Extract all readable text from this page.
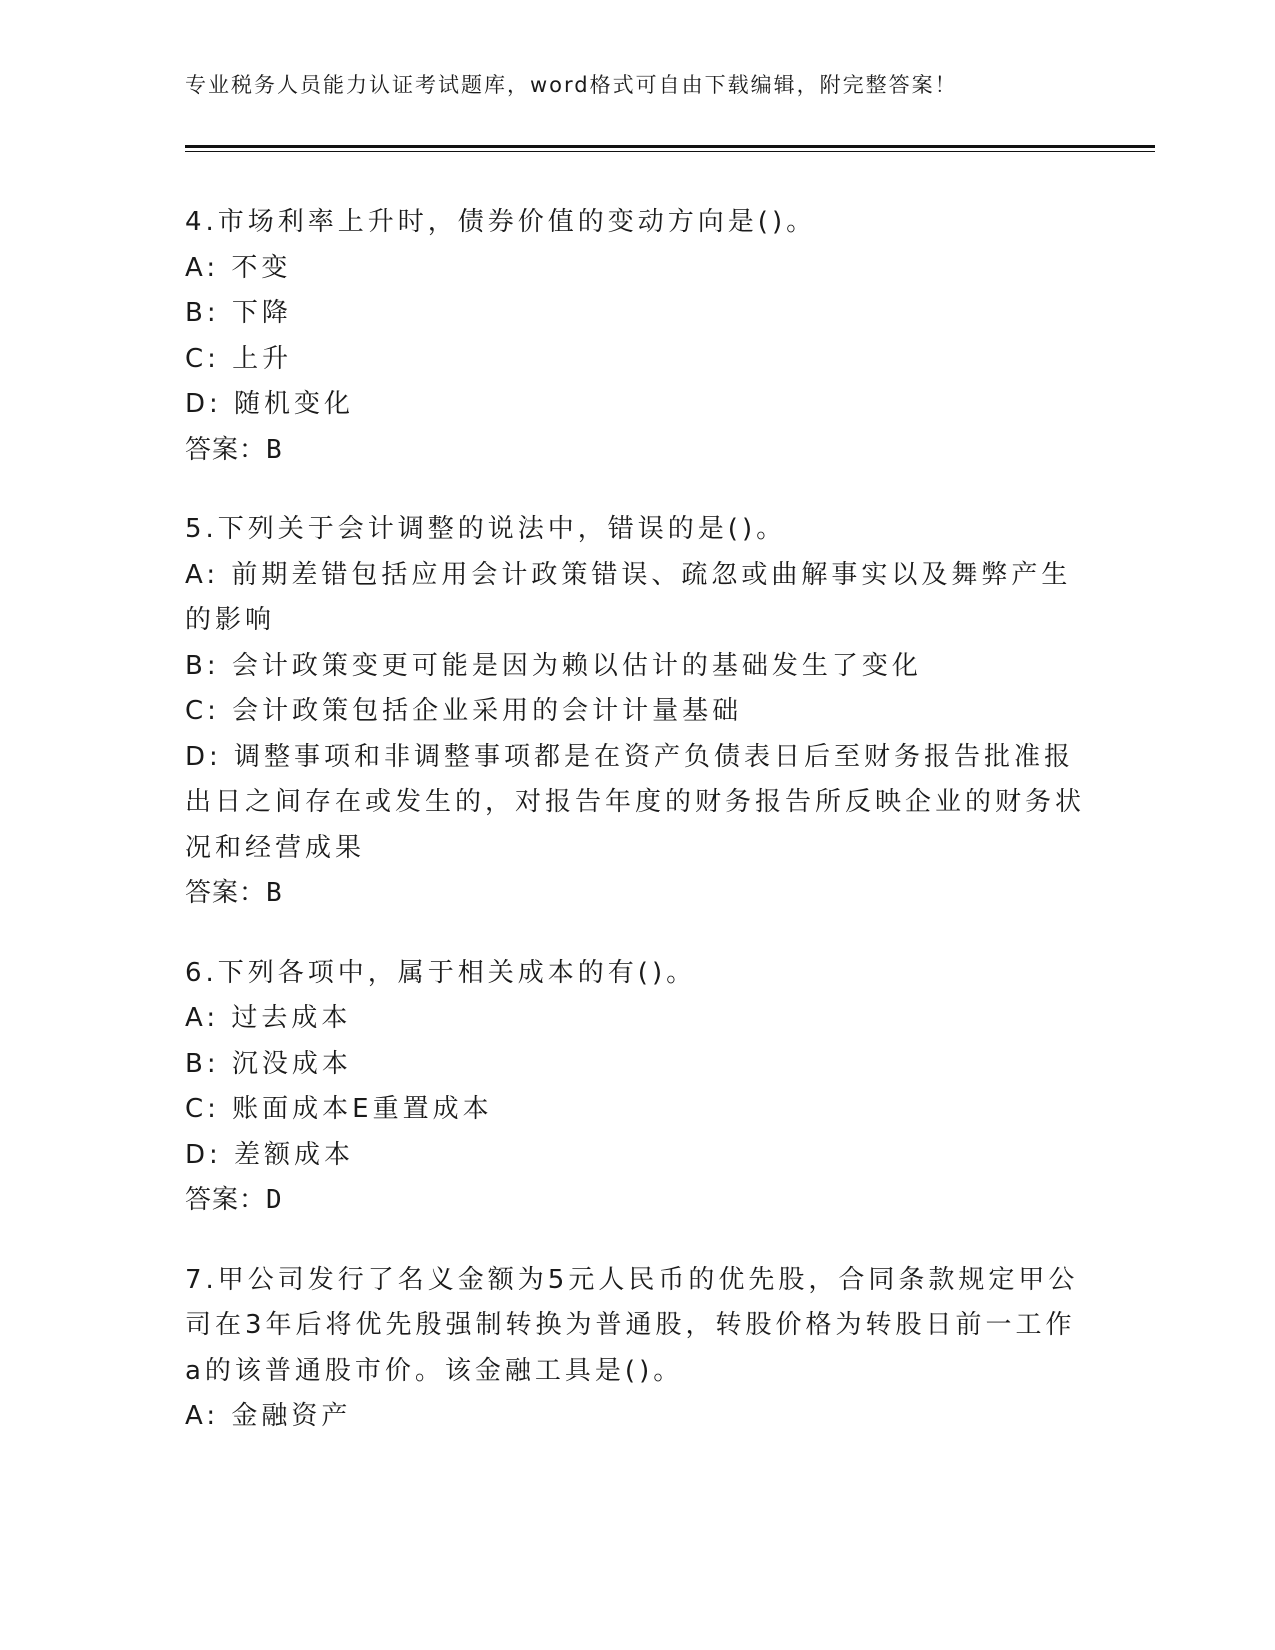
专业税务人员能力认证考试题库，word格式可自由下载编辑，附完整答案！

4.市场利率上升时，债券价值的变动方向是()。

A: 不变

B: 下降

C: 上升

D: 随机变化

答案：B

5.下列关于会计调整的说法中，错误的是()。

A: 前期差错包括应用会计政策错误、疏忽或曲解事实以及舞弊产生的影响

B: 会计政策变更可能是因为赖以估计的基础发生了变化

C: 会计政策包括企业采用的会计计量基础

D: 调整事项和非调整事项都是在资产负债表日后至财务报告批准报出日之间存在或发生的，对报告年度的财务报告所反映企业的财务状况和经营成果

答案：B

6.下列各项中，属于相关成本的有()。

A: 过去成本

B: 沉没成本

C: 账面成本E重置成本

D: 差额成本

答案：D

7.甲公司发行了名义金额为5元人民币的优先股，合同条款规定甲公司在3年后将优先殷强制转换为普通股，转股价格为转股日前一工作a的该普通股市价。该金融工具是()。

A: 金融资产
